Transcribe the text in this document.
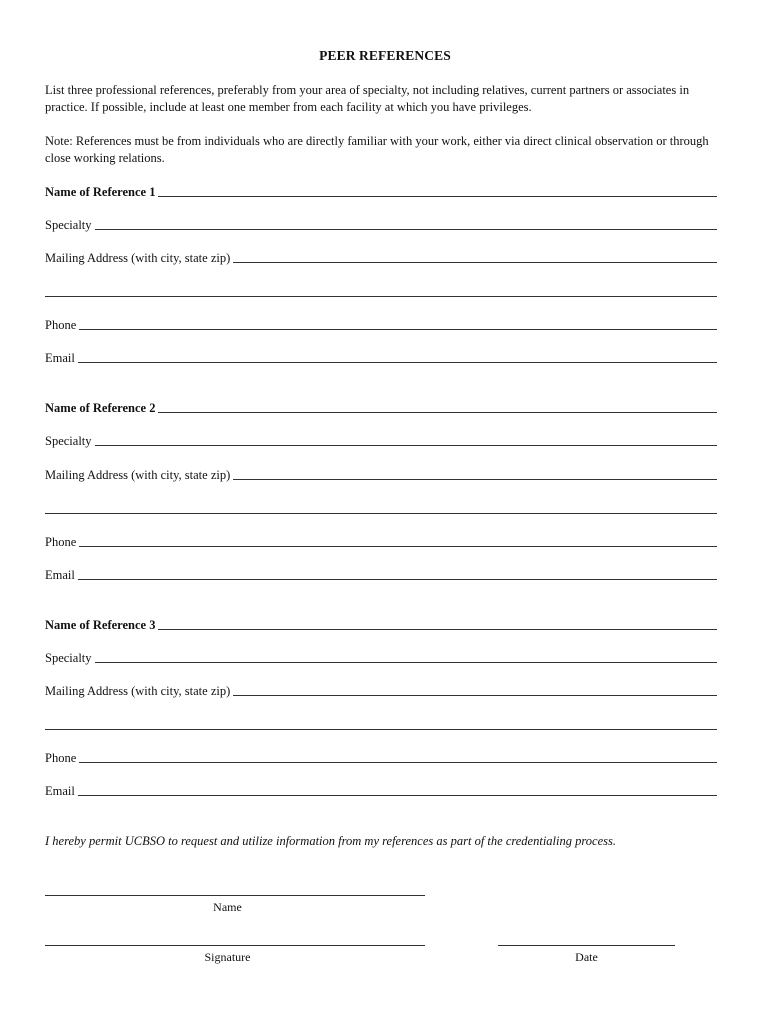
PEER REFERENCES
List three professional references, preferably from your area of specialty, not including relatives, current partners or associates in practice. If possible, include at least one member from each facility at which you have privileges.
Note: References must be from individuals who are directly familiar with your work, either via direct clinical observation or through close working relations.
Name of Reference 1
Specialty
Mailing Address (with city, state zip)
Phone
Email
Name of Reference 2
Specialty
Mailing Address (with city, state zip)
Phone
Email
Name of Reference 3
Specialty
Mailing Address (with city, state zip)
Phone
Email
I hereby permit UCBSO to request and utilize information from my references as part of the credentialing process.
Name
Signature	Date
